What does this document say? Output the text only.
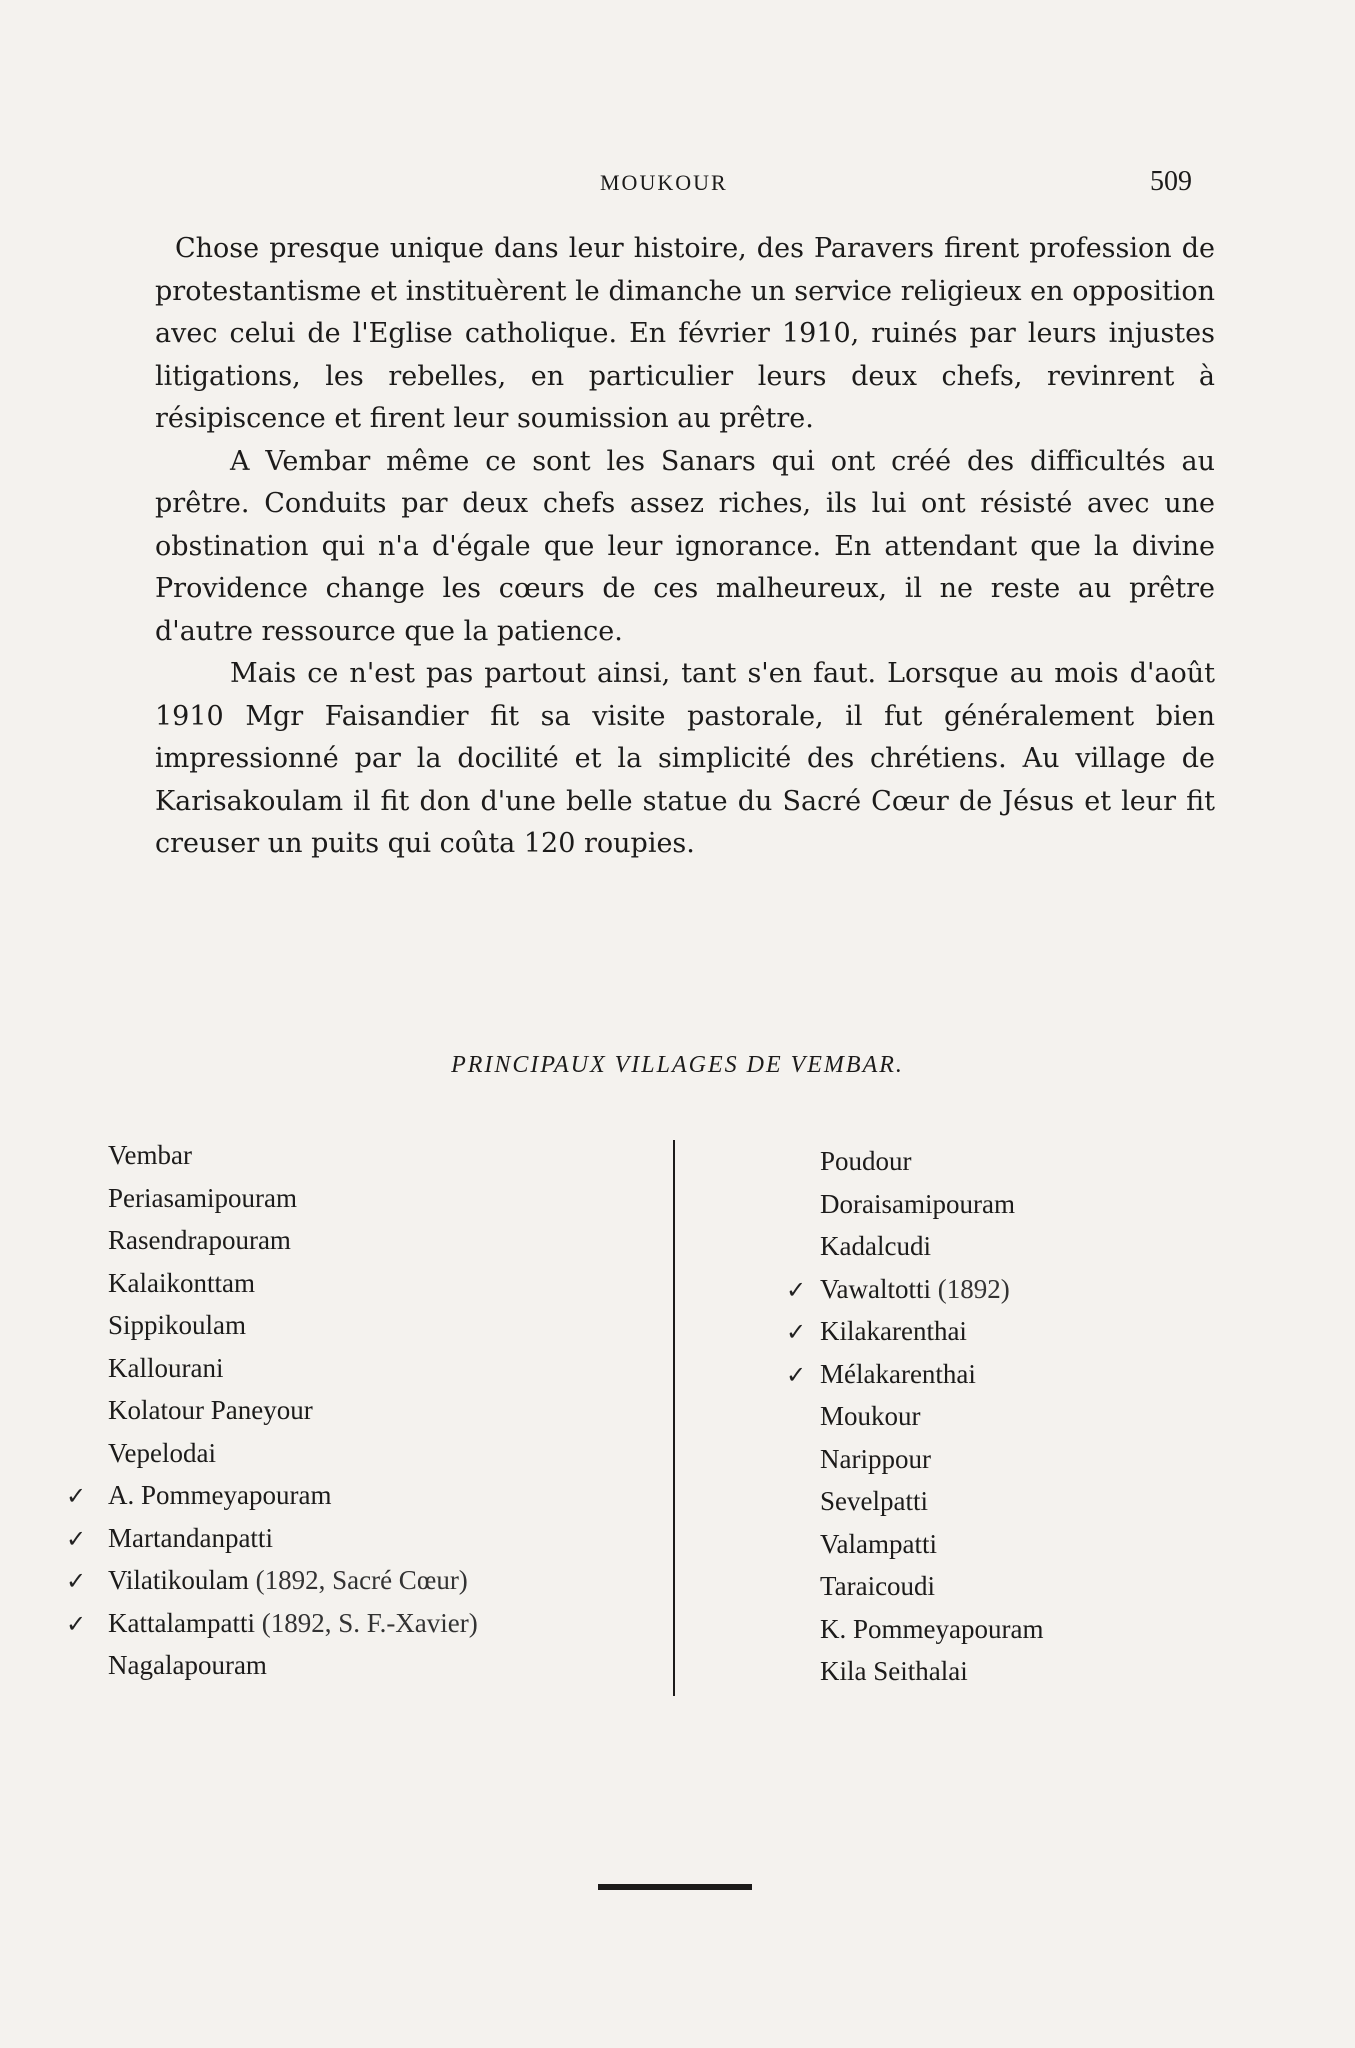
MOUKOUR	509

Chose presque unique dans leur histoire, des Paravers firent profession de protestantisme et instituèrent le dimanche un service religieux en opposition avec celui de l'Eglise catholique. En février 1910, ruinés par leurs injustes litigations, les rebelles, en particulier leurs deux chefs, revinrent à résipiscence et firent leur soumission au prêtre.

A Vembar même ce sont les Sanars qui ont créé des difficultés au prêtre. Conduits par deux chefs assez riches, ils lui ont résisté avec une obstination qui n'a d'égale que leur ignorance. En attendant que la divine Providence change les cœurs de ces malheureux, il ne reste au prêtre d'autre ressource que la patience.

Mais ce n'est pas partout ainsi, tant s'en faut. Lorsque au mois d'août 1910 Mgr Faisandier fit sa visite pastorale, il fut généralement bien impressionné par la docilité et la simplicité des chrétiens. Au village de Karisakoulam il fit don d'une belle statue du Sacré Cœur de Jésus et leur fit creuser un puits qui coûta 120 roupies.

PRINCIPAUX VILLAGES DE VEMBAR.
Vembar
Periasamipouram
Rasendrapouram
Kalaikonttam
Sippikoulam
Kallourani
Kolatour Paneyour
Vepelodai
✓ A. Pommeyapouram
✓ Martandanpatti
✓ Vilatikoulam (1892, Sacré Cœur)
✓ Kattalampatti (1892, S. F.-Xavier)
Nagalapouram
Poudour
Doraisamipouram
Kadalcudi
✓ Vawaltotti (1892)
✓ Kilakarenthai
✓ Mélakarenthai
Moukour
Narippour
Sevelpatti
Valampatti
Taraicoudi
K. Pommeyapouram
Kila Seithalai
